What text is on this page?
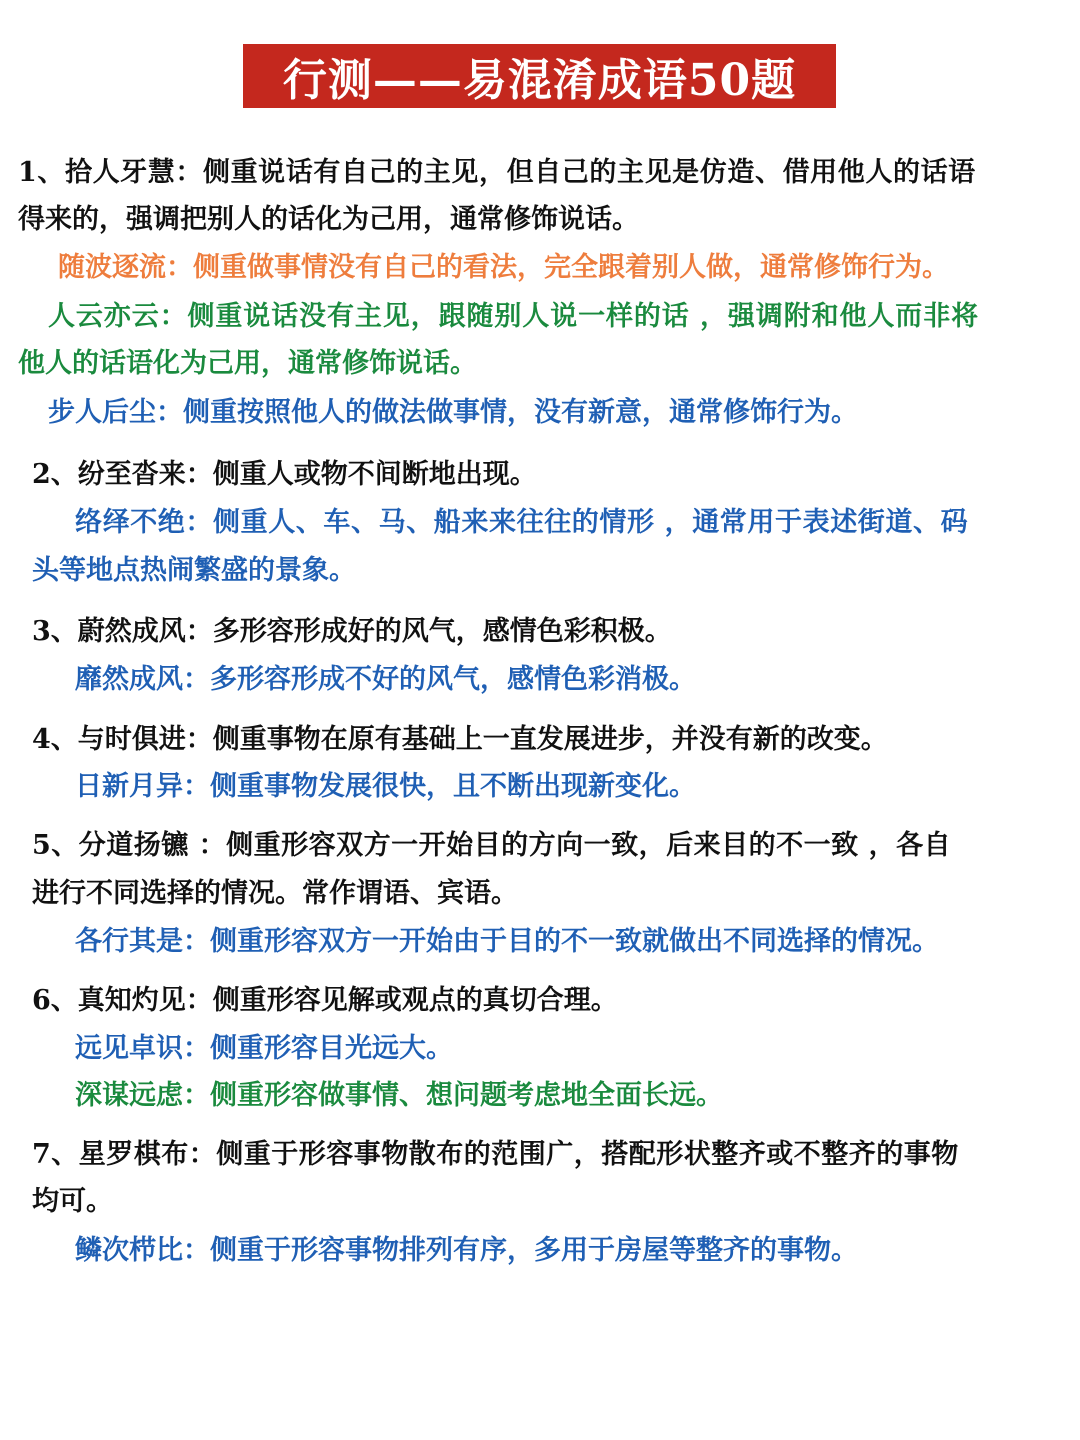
行测——易混淆成语50题
1、拾人牙慧：侧重说话有自己的主见，但自己的主见是仿造、借用他人的话语
得来的，强调把别人的话化为己用，通常修饰说话。
随波逐流：侧重做事情没有自己的看法，完全跟着别人做，通常修饰行为。
人云亦云：侧重说话没有主见，跟随别人说一样的话 ，强调附和他人而非将
他人的话语化为己用，通常修饰说话。
步人后尘：侧重按照他人的做法做事情，没有新意，通常修饰行为。
2、纷至沓来：侧重人或物不间断地出现。
络绎不绝：侧重人、车、马、船来来往往的情形 ，通常用于表述街道、码
头等地点热闹繁盛的景象。
3、蔚然成风：多形容形成好的风气，感情色彩积极。
靡然成风：多形容形成不好的风气，感情色彩消极。
4、与时俱进：侧重事物在原有基础上一直发展进步，并没有新的改变。
日新月异：侧重事物发展很快，且不断出现新变化。
5、分道扬镳 ：侧重形容双方一开始目的方向一致，后来目的不一致 ，各自
进行不同选择的情况。常作谓语、宾语。
各行其是：侧重形容双方一开始由于目的不一致就做出不同选择的情况。
6、真知灼见：侧重形容见解或观点的真切合理。
远见卓识：侧重形容目光远大。
深谋远虑：侧重形容做事情、想问题考虑地全面长远。
7、星罗棋布：侧重于形容事物散布的范围广，搭配形状整齐或不整齐的事物
均可。
鳞次栉比：侧重于形容事物排列有序，多用于房屋等整齐的事物。
